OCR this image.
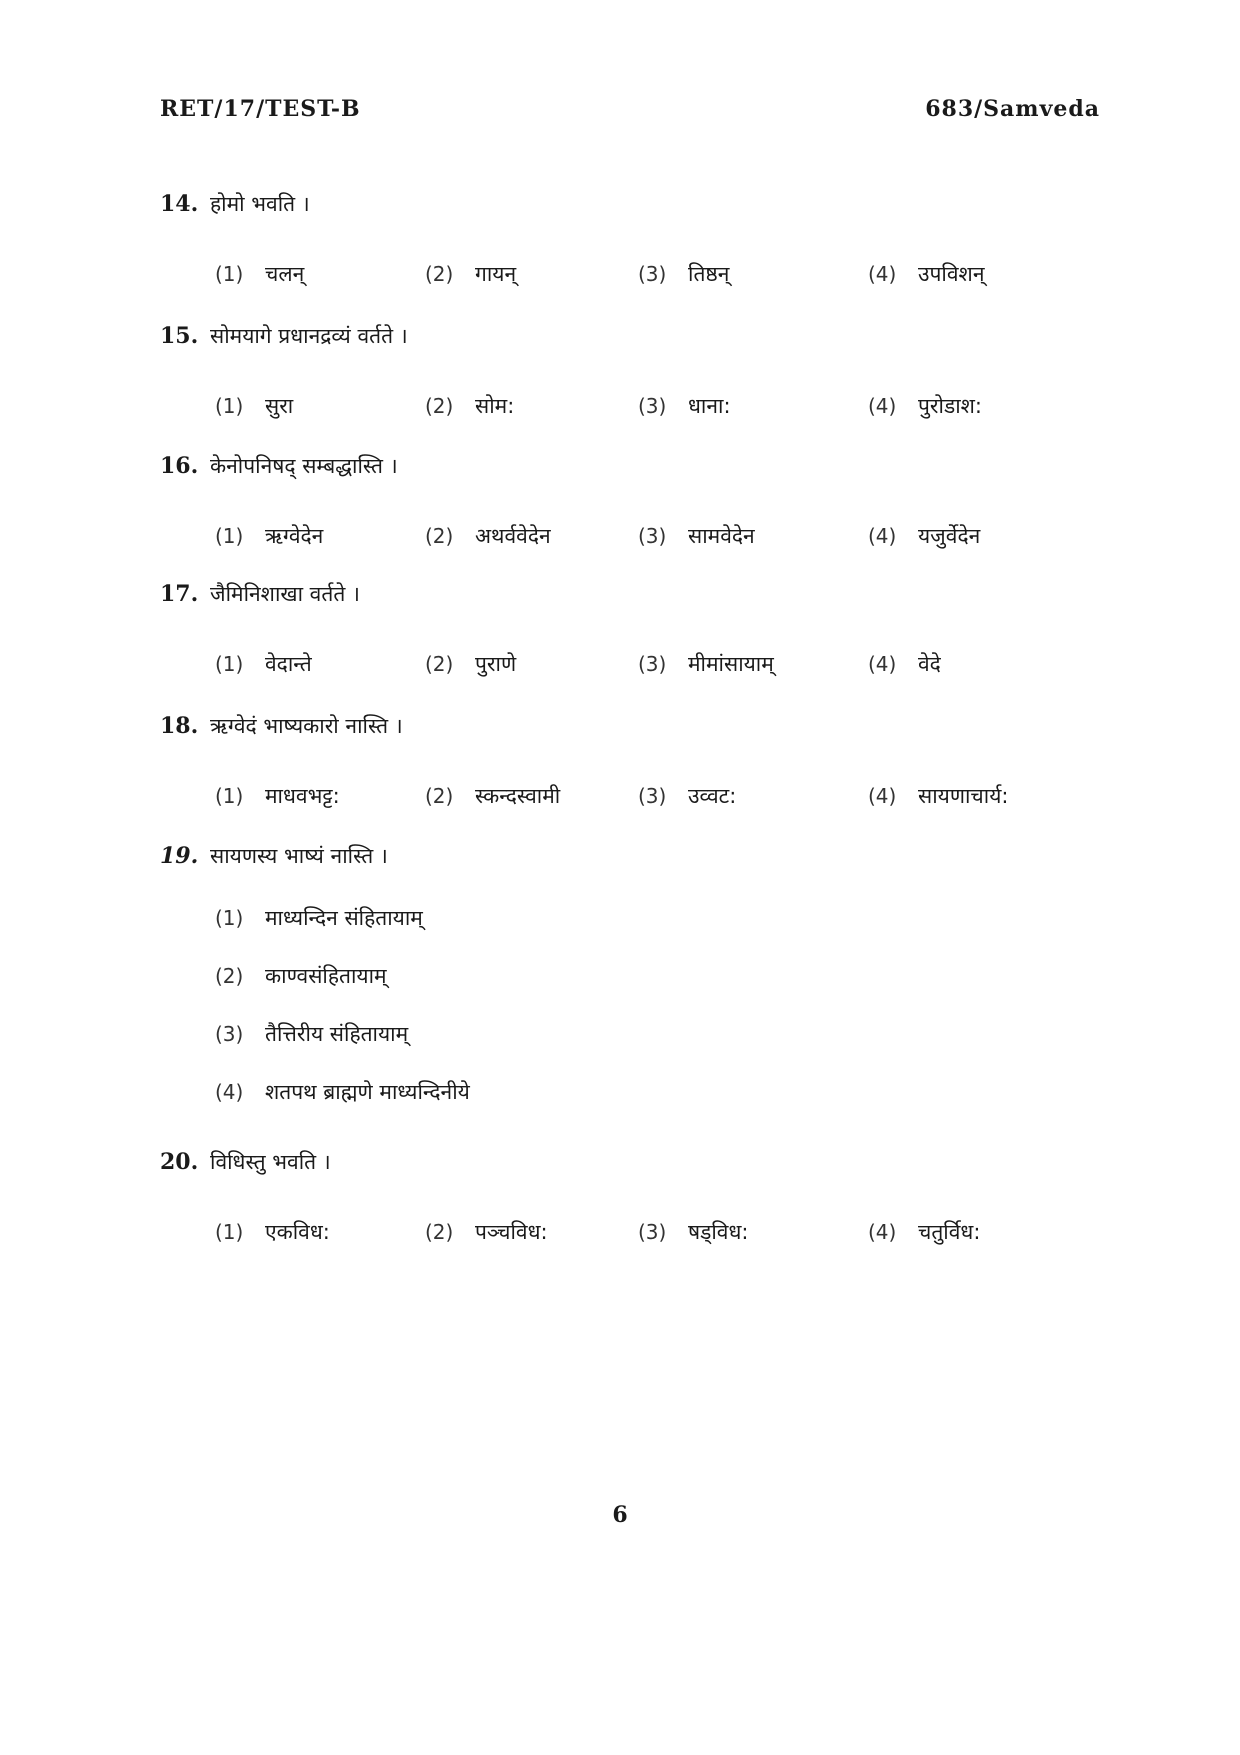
RET/17/TEST-B	683/Samveda
14. होमो भवति ।
(1)	चलन्	(2)	गायन्	(3)	तिष्ठन्	(4)	उपविशन्
15. सोमयागे प्रधानद्रव्यं वर्तते ।
(1)	सुरा	(2)	सोम:	(3)	धाना:	(4)	पुरोडाश:
16. केनोपनिषद् सम्बद्धास्ति ।
(1)	ऋग्वेदेन	(2)	अथर्ववेदेन	(3)	सामवेदेन	(4)	यजुर्वेदेन
17. जैमिनिशाखा वर्तते ।
(1)	वेदान्ते	(2)	पुराणे	(3)	मीमांसायाम्	(4)	वेदे
18. ऋग्वेदं भाष्यकारो नास्ति ।
(1)	माधवभट्ट:	(2)	स्कन्दस्वामी	(3)	उव्वट:	(4)	सायणाचार्य:
19. सायणस्य भाष्यं नास्ति ।
(1)	माध्यन्दिन संहितायाम्
(2)	काण्वसंहितायाम्
(3)	तैत्तिरीय संहितायाम्
(4)	शतपथ ब्राह्मणे माध्यन्दिनीये
20. विधिस्तु भवति ।
(1)	एकविध:	(2)	पञ्चविध:	(3)	षड्विध:	(4)	चतुर्विध:
6
